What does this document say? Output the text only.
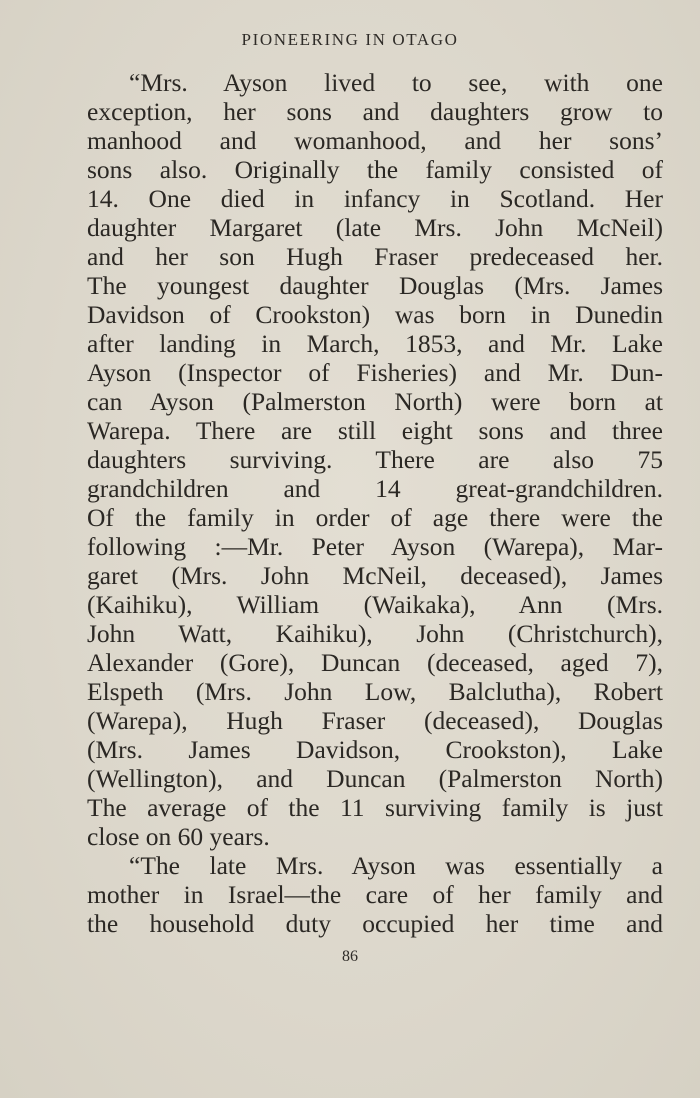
PIONEERING IN OTAGO
“Mrs. Ayson lived to see, with one
exception, her sons and daughters grow to
manhood and womanhood, and her sons’
sons also. Originally the family consisted of
14. One died in infancy in Scotland. Her
daughter Margaret (late Mrs. John McNeil)
and her son Hugh Fraser predeceased her.
The youngest daughter Douglas (Mrs. James
Davidson of Crookston) was born in Dunedin
after landing in March, 1853, and Mr. Lake
Ayson (Inspector of Fisheries) and Mr. Dun-
can Ayson (Palmerston North) were born at
Warepa. There are still eight sons and three
daughters surviving. There are also 75
grandchildren and 14 great-grandchildren.
Of the family in order of age there were the
following :—Mr. Peter Ayson (Warepa), Mar-
garet (Mrs. John McNeil, deceased), James
(Kaihiku), William (Waikaka), Ann (Mrs.
John Watt, Kaihiku), John (Christchurch),
Alexander (Gore), Duncan (deceased, aged 7),
Elspeth (Mrs. John Low, Balclutha), Robert
(Warepa), Hugh Fraser (deceased), Douglas
(Mrs. James Davidson, Crookston), Lake
(Wellington), and Duncan (Palmerston North)
The average of the 11 surviving family is just
close on 60 years.
“The late Mrs. Ayson was essentially a
mother in Israel—the care of her family and
the household duty occupied her time and
86
